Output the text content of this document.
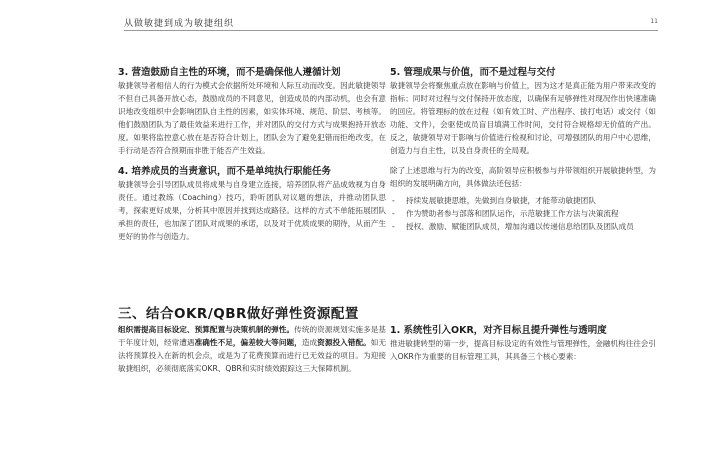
从做敏捷到成为敏捷组织	11

3. 营造鼓励自主性的环境，而不是确保他人遵循计划

敏捷领导者相信人的行为模式会依据所处环境和人际互动而改变。因此敏捷领导不但自己具备开放心态，鼓励成员的不同意见，创造成员的内部动机，也会有意识地改变组织中会影响团队自主性的因素，如实体环境、规范、阶层、考核等。他们鼓励团队为了最佳效益来进行工作，并对团队的交付方式与成果抱持开放态度。如果将监控意心放在是否符合计划上，团队会为了避免犯错而拒绝改变，在手行动是否符合预期而非胜于能否产生效益。

4. 培养成员的当责意识，而不是单纯执行职能任务

敏捷领导会引导团队成员将成果与自身建立连接，培养团队将产品成效视为自身责任。通过教练（Coaching）技巧，聆听团队对议题的想法，并推动团队思考，探索更好成果，分析其中原因并找到达成路径。这样的方式不单能拓展团队承担的责任，也加深了团队对成果的承诺，以及对于优质成果的期待，从而产生更好的协作与创造力。

5. 管理成果与价值，而不是过程与交付

敏捷领导会将聚焦重点放在影响与价值上，因为这才是真正能为用户带来改变的指标；同时对过程与交付保持开放态度，以确保有足够弹性对现况作出快速准确的回应。将管理标的放在过程（如有效工时、产出程序、拔打电话）或交付（如功能、文件），会驱使成员盲目填满工作时间，交付符合规格却无价值的产出。反之，敏捷领导对于影响与价值进行检视和讨论，可增强团队的用户中心思维，创造力与自主性，以及自身责任的全局观。

除了上述思维与行为的改变，高阶领导应积极参与并带领组织开展敏捷转型，为组织的发展明确方向，具体做法还包括：

- 持续发展敏捷思维，先做到自身敏捷，才能带动敏捷团队
- 作为赞助者参与部落和团队运作，示范敏捷工作方法与决策流程
- 授权、激励、赋能团队成员，增加沟通以传递信息给团队及团队成员
三、结合OKR/QBR做好弹性资源配置

组织需提高目标设定、预算配置与决策机制的弹性。传统的资源规划实施多是基于年度计划，经常遭遇准确性不足，偏差较大等问题，造成资源投入错配。如无法将预算投入在新的机会点，或是为了花费预算而进行已无效益的项目。为迎接敏捷组织，必须彻底落实OKR、QBR和实时绩效跟踪这三大保障机制。

1. 系统性引入OKR，对齐目标且提升弹性与透明度

推进敏捷转型的第一步，提高目标设定的有效性与管理弹性，金融机构往往会引入OKR作为重要的目标管理工具，其具备三个核心要素：
